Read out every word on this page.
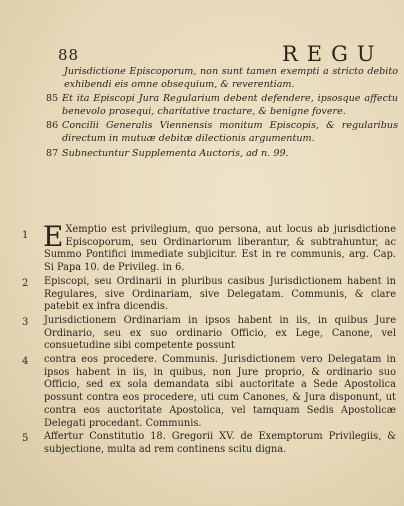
88	REGU
Jurisdictione Episcoporum, non sunt tamen exempti a stricto debito exhibendi eis omne obsequium, & reverentiam.
85 Et ita Episcopi Jura Regularium debent defendere, ipsosque affectu benevolo prosequi, charitative tractare, & benigne fovere.
86 Concilii Generalis Viennensis monitum Episcopis, & regularibus directum in mutuæ debitæ dilectionis argumentum.
87 Subnectuntur Supplementa Auctoris, ad n. 99.
1 E Xemptio est privilegium, quo persona, aut locus ab jurisdictione Episcoporum, seu Ordinariorum liberantur, & subtrahuntur, ac Summo Pontifici immediate subjicitur. Est in re communis, arg. Cap. Si Papa 10. de Privileg. in 6.
2 Episcopi, seu Ordinarii in pluribus casibus Jurisdictionem habent in Regulares, sive Ordinariam, sive Delegatam. Communis, & clare patebit ex infra dicendis.
3 Jurisdictionem Ordinariam in ipsos habent in iis, in quibus Jure Ordinario, seu ex suo ordinario Officio, ex Lege, Canone, vel consuetudine sibi competente possunt
4 contra eos procedere. Communis. Jurisdictionem vero Delegatam in ipsos habent in iis, in quibus, non Jure proprio, & ordinario suo Officio, sed ex sola demandata sibi auctoritate a Sede Apostolica possunt contra eos procedere, uti cum Canones, & Jura disponunt, ut contra eos auctoritate Apostolica, vel tamquam Sedis Apostolicæ Delegati procedant. Communis.
5 Affertur Constitutio 18. Gregorii XV. de Exemptorum Privilegiis, & subjectione, multa ad rem continens scitu digna.
